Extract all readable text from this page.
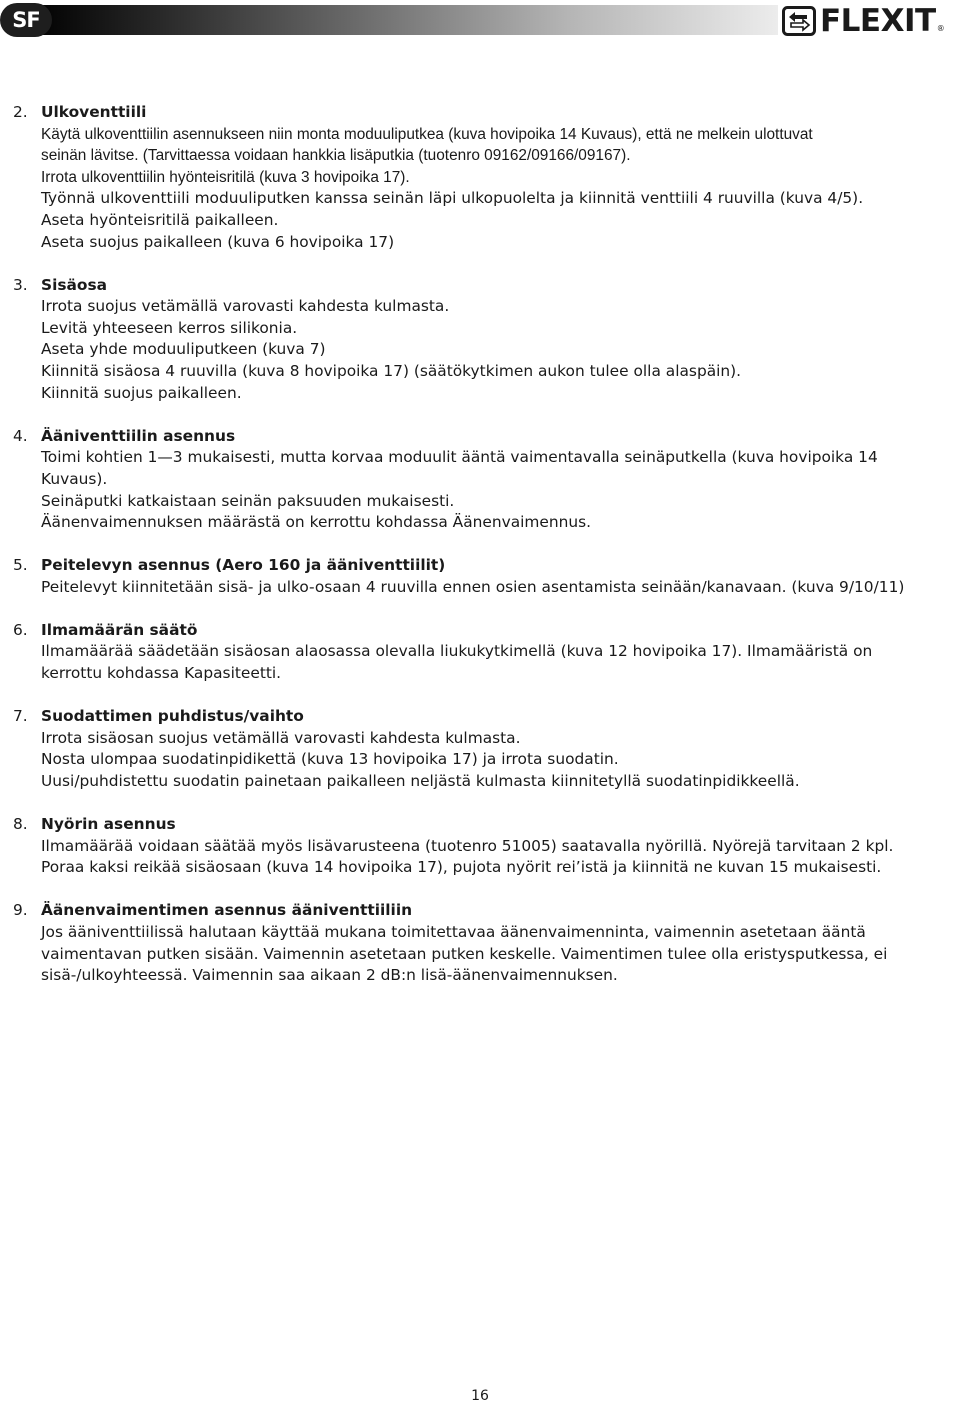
SF	FLEXIT ®
2. Ulkoventtiili
Käytä ulkoventtiilin asennukseen niin monta moduuliputkea (kuva hovipoika 14 Kuvaus), että ne melkein ulottuvat
seinän lävitse. (Tarvittaessa voidaan hankkia lisäputkia (tuotenro 09162/09166/09167).
Irrota ulkoventtiilin hyönteisritilä (kuva 3 hovipoika 17).
Työnnä ulkoventtiili moduuliputken kanssa seinän läpi ulkopuolelta ja kiinnitä venttiili 4 ruuvilla (kuva 4/5).
Aseta hyönteisritilä paikalleen.
Aseta suojus paikalleen (kuva 6 hovipoika 17)
3. Sisäosa
Irrota suojus vetämällä varovasti kahdesta kulmasta.
Levitä yhteeseen kerros silikonia.
Aseta yhde moduuliputkeen (kuva 7)
Kiinnitä sisäosa 4 ruuvilla (kuva 8 hovipoika 17) (säätökytkimen aukon tulee olla alaspäin).
Kiinnitä suojus paikalleen.
4. Ääniventtiilin asennus
Toimi kohtien 1—3 mukaisesti, mutta korvaa moduulit ääntä vaimentavalla seinäputkella (kuva hovipoika 14
Kuvaus).
Seinäputki katkaistaan seinän paksuuden mukaisesti.
Äänenvaimennuksen määrästä on kerrottu kohdassa Äänenvaimennus.
5. Peitelevyn asennus (Aero 160 ja ääniventtiilit)
Peitelevyt kiinnitetään sisä- ja ulko-osaan 4 ruuvilla ennen osien asentamista seinään/kanavaan. (kuva 9/10/11)
6. Ilmamäärän säätö
Ilmamäärää säädetään sisäosan alaosassa olevalla liukukytkimellä (kuva 12 hovipoika 17). Ilmamääristä on
kerrottu kohdassa Kapasiteetti.
7. Suodattimen puhdistus/vaihto
Irrota sisäosan suojus vetämällä varovasti kahdesta kulmasta.
Nosta ulompaa suodatinpidikettä (kuva 13 hovipoika 17) ja irrota suodatin.
Uusi/puhdistettu suodatin painetaan paikalleen neljästä kulmasta kiinnitetyllä suodatinpidikkeellä.
8. Nyörin asennus
Ilmamäärää voidaan säätää myös lisävarusteena (tuotenro 51005) saatavalla nyörillä. Nyörejä tarvitaan 2 kpl.
Poraa kaksi reikää sisäosaan (kuva 14 hovipoika 17), pujota nyörit rei’istä ja kiinnitä ne kuvan 15 mukaisesti.
9. Äänenvaimentimen asennus ääniventtiiliin
Jos ääniventtiilissä halutaan käyttää mukana toimitettavaa äänenvaimenninta, vaimennin asetetaan ääntä
vaimentavan putken sisään. Vaimennin asetetaan putken keskelle. Vaimentimen tulee olla eristysputkessa, ei
sisä-/ulkoyhteessä. Vaimennin saa aikaan 2 dB:n lisä-äänenvaimennuksen.
16
